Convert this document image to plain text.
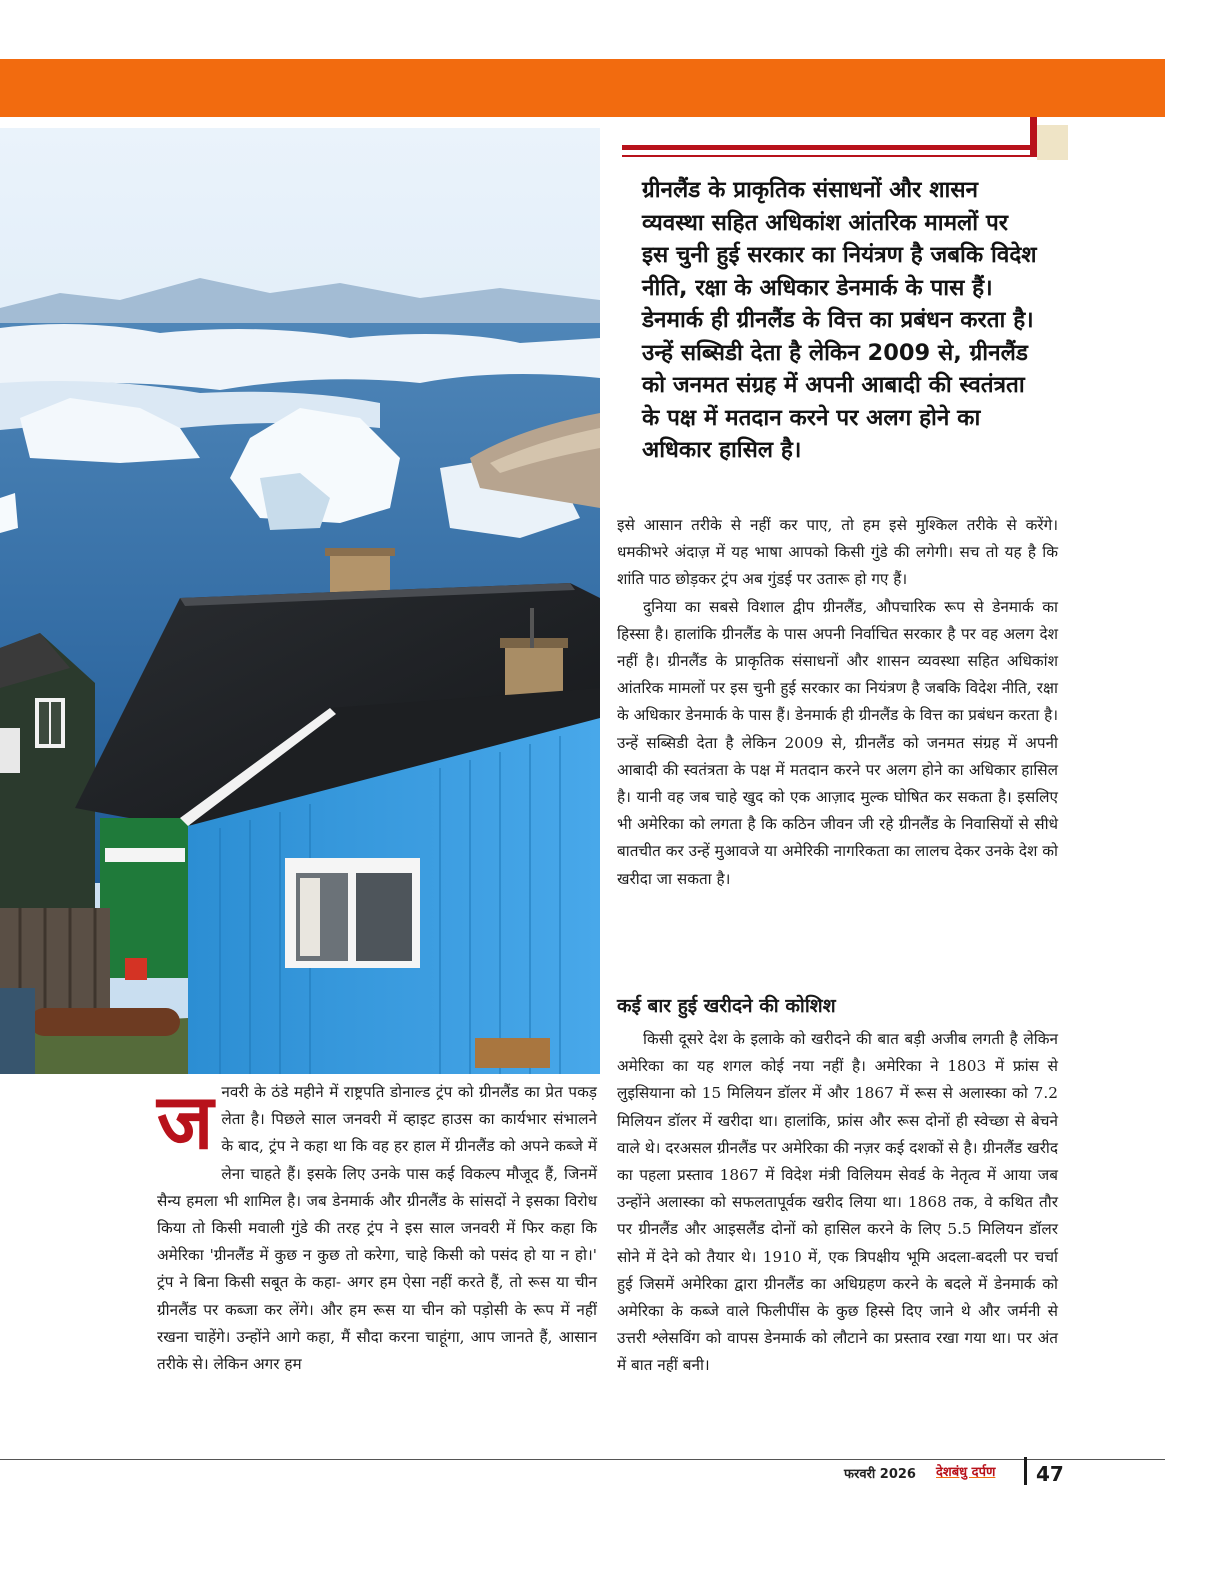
ग्रीनलैंड के प्राकृतिक संसाधनों और शासन व्यवस्था सहित अधिकांश आंतरिक मामलों पर इस चुनी हुई सरकार का नियंत्रण है जबकि विदेश नीति, रक्षा के अधिकार डेनमार्क के पास हैं। डेनमार्क ही ग्रीनलैंड के वित्त का प्रबंधन करता है। उन्हें सब्सिडी देता है लेकिन 2009 से, ग्रीनलैंड को जनमत संग्रह में अपनी आबादी की स्वतंत्रता के पक्ष में मतदान करने पर अलग होने का अधिकार हासिल है।

इसे आसान तरीके से नहीं कर पाए, तो हम इसे मुश्किल तरीके से करेंगे। धमकीभरे अंदाज़ में यह भाषा आपको किसी गुंडे की लगेगी। सच तो यह है कि शांति पाठ छोड़कर ट्रंप अब गुंडई पर उतारू हो गए हैं।

दुनिया का सबसे विशाल द्वीप ग्रीनलैंड, औपचारिक रूप से डेनमार्क का हिस्सा है। हालांकि ग्रीनलैंड के पास अपनी निर्वाचित सरकार है पर वह अलग देश नहीं है। ग्रीनलैंड के प्राकृतिक संसाधनों और शासन व्यवस्था सहित अधिकांश आंतरिक मामलों पर इस चुनी हुई सरकार का नियंत्रण है जबकि विदेश नीति, रक्षा के अधिकार डेनमार्क के पास हैं। डेनमार्क ही ग्रीनलैंड के वित्त का प्रबंधन करता है। उन्हें सब्सिडी देता है लेकिन 2009 से, ग्रीनलैंड को जनमत संग्रह में अपनी आबादी की स्वतंत्रता के पक्ष में मतदान करने पर अलग होने का अधिकार हासिल है। यानी वह जब चाहे खुद को एक आज़ाद मुल्क घोषित कर सकता है। इसलिए भी अमेरिका को लगता है कि कठिन जीवन जी रहे ग्रीनलैंड के निवासियों से सीधे बातचीत कर उन्हें मुआवजे या अमेरिकी नागरिकता का लालच देकर उनके देश को खरीदा जा सकता है।

कई बार हुई खरीदने की कोशिश

किसी दूसरे देश के इलाके को खरीदने की बात बड़ी अजीब लगती है लेकिन अमेरिका का यह शगल कोई नया नहीं है। अमेरिका ने 1803 में फ्रांस से लुइसियाना को 15 मिलियन डॉलर में और 1867 में रूस से अलास्का को 7.2 मिलियन डॉलर में खरीदा था। हालांकि, फ्रांस और रूस दोनों ही स्वेच्छा से बेचने वाले थे। दरअसल ग्रीनलैंड पर अमेरिका की नज़र कई दशकों से है। ग्रीनलैंड खरीद का पहला प्रस्ताव 1867 में विदेश मंत्री विलियम सेवर्ड के नेतृत्व में आया जब उन्होंने अलास्का को सफलतापूर्वक खरीद लिया था। 1868 तक, वे कथित तौर पर ग्रीनलैंड और आइसलैंड दोनों को हासिल करने के लिए 5.5 मिलियन डॉलर सोने में देने को तैयार थे। 1910 में, एक त्रिपक्षीय भूमि अदला-बदली पर चर्चा हुई जिसमें अमेरिका द्वारा ग्रीनलैंड का अधिग्रहण करने के बदले में डेनमार्क को अमेरिका के कब्जे वाले फिलीपींस के कुछ हिस्से दिए जाने थे और जर्मनी से उत्तरी श्लेसविंग को वापस डेनमार्क को लौटाने का प्रस्ताव रखा गया था। पर अंत में बात नहीं बनी।

ज नवरी के ठंडे महीने में राष्ट्रपति डोनाल्ड ट्रंप को ग्रीनलैंड का प्रेत पकड़ लेता है। पिछले साल जनवरी में व्हाइट हाउस का कार्यभार संभालने के बाद, ट्रंप ने कहा था कि वह हर हाल में ग्रीनलैंड को अपने कब्जे में लेना चाहते हैं। इसके लिए उनके पास कई विकल्प मौजूद हैं, जिनमें सैन्य हमला भी शामिल है। जब डेनमार्क और ग्रीनलैंड के सांसदों ने इसका विरोध किया तो किसी मवाली गुंडे की तरह ट्रंप ने इस साल जनवरी में फिर कहा कि अमेरिका 'ग्रीनलैंड में कुछ न कुछ तो करेगा, चाहे किसी को पसंद हो या न हो।' ट्रंप ने बिना किसी सबूत के कहा- अगर हम ऐसा नहीं करते हैं, तो रूस या चीन ग्रीनलैंड पर कब्जा कर लेंगे। और हम रूस या चीन को पड़ोसी के रूप में नहीं रखना चाहेंगे। उन्होंने आगे कहा, मैं सौदा करना चाहूंगा, आप जानते हैं, आसान तरीके से। लेकिन अगर हम

फरवरी 2026 देशबंधु दर्पण 47
